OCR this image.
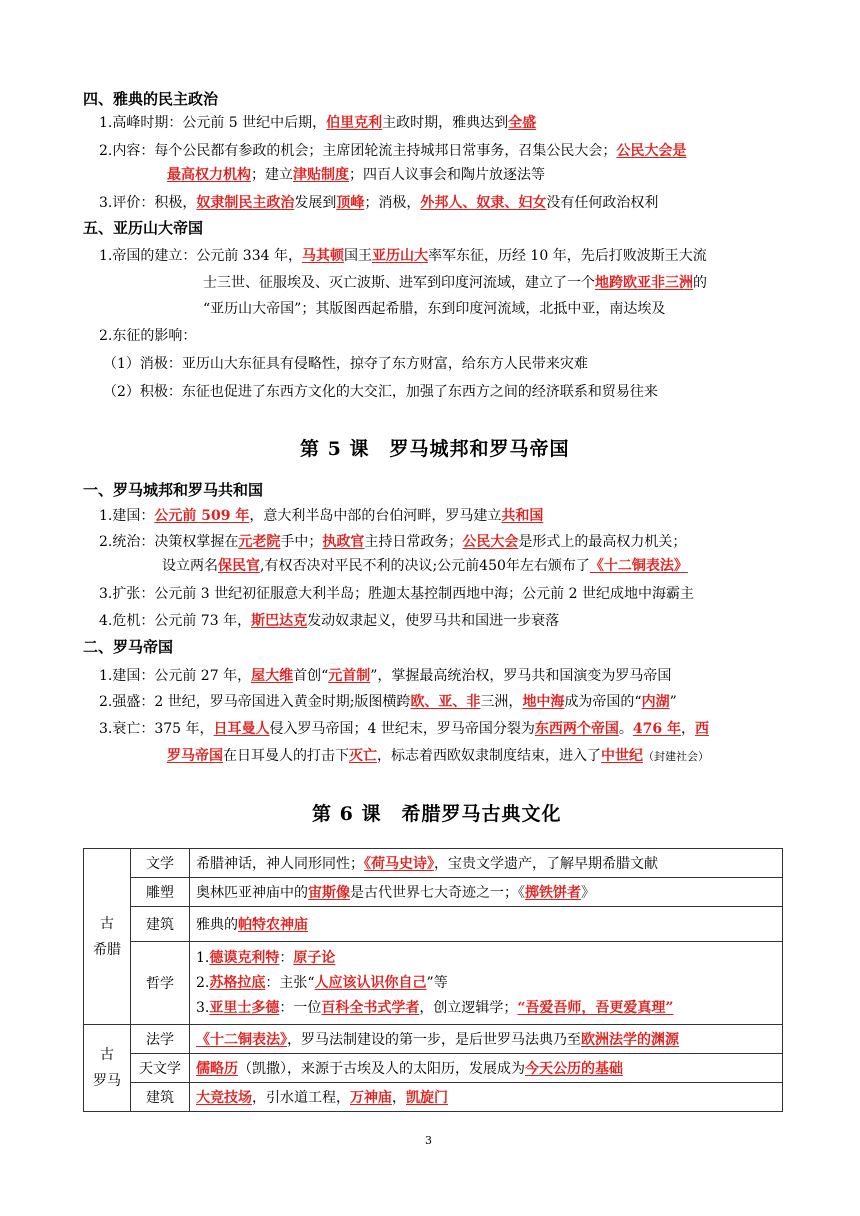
四、雅典的民主政治
1.高峰时期：公元前 5 世纪中后期，伯里克利主政时期，雅典达到全盛
2.内容：每个公民都有参政的机会；主席团轮流主持城邦日常事务，召集公民大会；公民大会是
最高权力机构；建立津贴制度；四百人议事会和陶片放逐法等
3.评价：积极，奴隶制民主政治发展到顶峰；消极，外邦人、奴隶、妇女没有任何政治权利
五、亚历山大帝国
1.帝国的建立：公元前 334 年，马其顿国王亚历山大率军东征，历经 10 年，先后打败波斯王大流
士三世、征服埃及、灭亡波斯、进军到印度河流域，建立了一个地跨欧亚非三洲的
“亚历山大帝国”；其版图西起希腊，东到印度河流域，北抵中亚，南达埃及
2.东征的影响：
（1）消极：亚历山大东征具有侵略性，掠夺了东方财富，给东方人民带来灾难
（2）积极：东征也促进了东西方文化的大交汇，加强了东西方之间的经济联系和贸易往来
第 5 课　罗马城邦和罗马帝国
一、罗马城邦和罗马共和国
1.建国：公元前 509 年，意大利半岛中部的台伯河畔，罗马建立共和国
2.统治：决策权掌握在元老院手中；执政官主持日常政务；公民大会是形式上的最高权力机关；
设立两名保民官,有权否决对平民不利的决议;公元前450年左右颁布了《十二铜表法》
3.扩张：公元前 3 世纪初征服意大利半岛；胜迦太基控制西地中海；公元前 2 世纪成地中海霸主
4.危机：公元前 73 年，斯巴达克发动奴隶起义，使罗马共和国进一步衰落
二、罗马帝国
1.建国：公元前 27 年，屋大维首创“元首制”，掌握最高统治权，罗马共和国演变为罗马帝国
2.强盛：2 世纪，罗马帝国进入黄金时期;版图横跨欧、亚、非三洲，地中海成为帝国的“内湖”
3.衰亡：375 年，日耳曼人侵入罗马帝国；4 世纪末，罗马帝国分裂为东西两个帝国。476 年，西
罗马帝国在日耳曼人的打击下灭亡，标志着西欧奴隶制度结束，进入了中世纪（封建社会）
第 6 课　希腊罗马古典文化
古
希腊	文学	希腊神话，神人同形同性；《荷马史诗》，宝贵文学遗产，了解早期希腊文献
	雕塑	奥林匹亚神庙中的宙斯像是古代世界七大奇迹之一；《掷铁饼者》
	建筑	雅典的帕特农神庙
	哲学	1.德谟克利特：原子论
2.苏格拉底：主张“人应该认识你自己”等
3.亚里士多德：一位百科全书式学者，创立逻辑学；“吾爱吾师，吾更爱真理”

古
罗马	法学	《十二铜表法》，罗马法制建设的第一步，是后世罗马法典乃至欧洲法学的渊源
	天文学	儒略历（凯撒），来源于古埃及人的太阳历，发展成为今天公历的基础
	建筑	大竞技场，引水道工程，万神庙，凯旋门
3
